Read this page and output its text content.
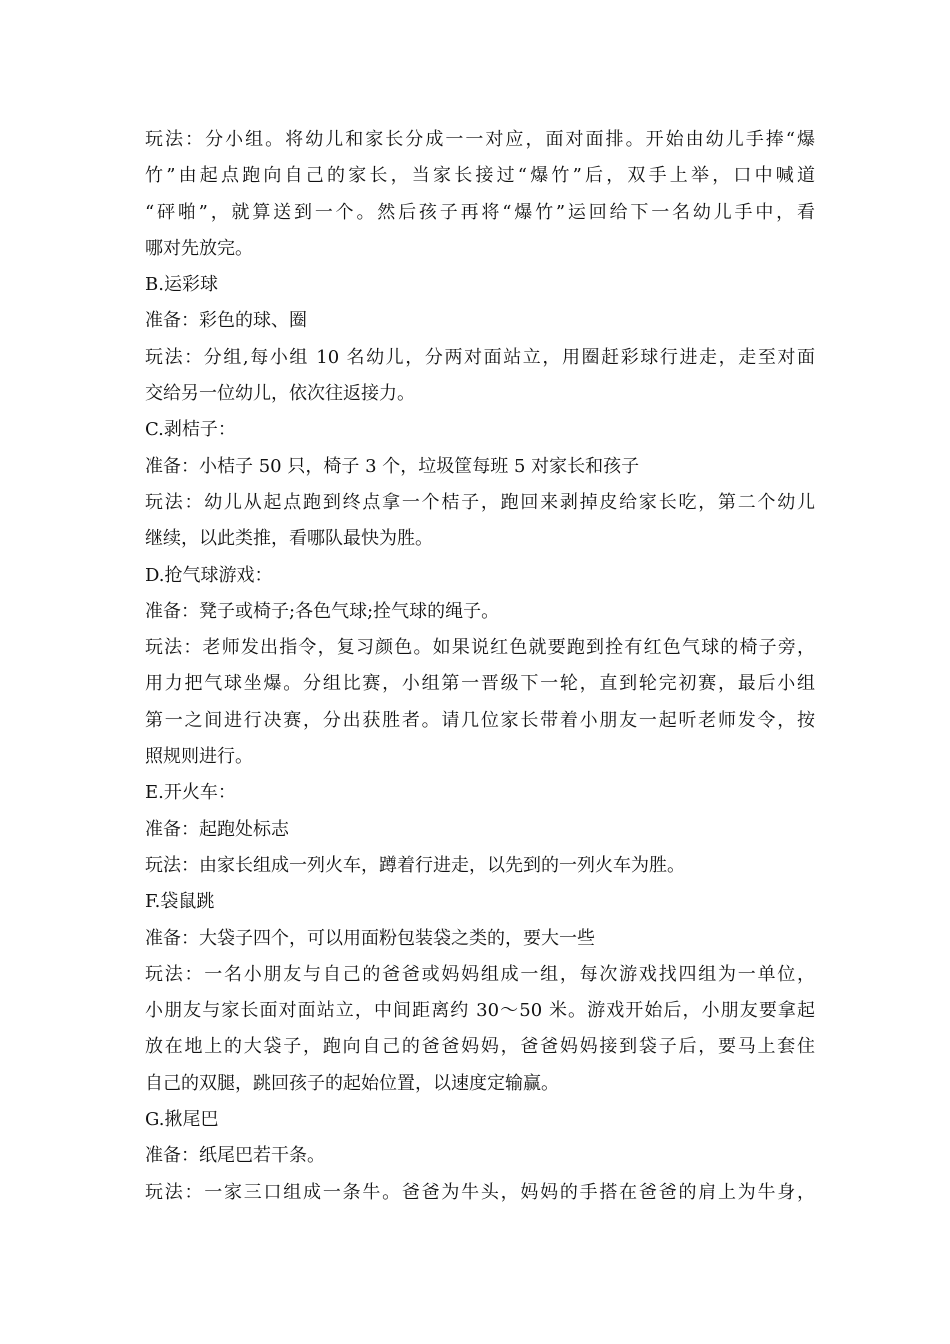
玩法：分小组。将幼儿和家长分成一一对应，面对面排。开始由幼儿手捧“爆
竹”由起点跑向自己的家长，当家长接过“爆竹”后，双手上举，口中喊道
“砰啪”，就算送到一个。然后孩子再将“爆竹”运回给下一名幼儿手中，看
哪对先放完。
B.运彩球
准备：彩色的球、圈
玩法：分组,每小组 10 名幼儿，分两对面站立，用圈赶彩球行进走，走至对面
交给另一位幼儿，依次往返接力。
C.剥桔子：
准备：小桔子 50 只，椅子 3 个，垃圾筐每班 5 对家长和孩子
玩法：幼儿从起点跑到终点拿一个桔子，跑回来剥掉皮给家长吃，第二个幼儿
继续，以此类推，看哪队最快为胜。
D.抢气球游戏：
准备：凳子或椅子;各色气球;拴气球的绳子。
玩法：老师发出指令，复习颜色。如果说红色就要跑到拴有红色气球的椅子旁，
用力把气球坐爆。分组比赛，小组第一晋级下一轮，直到轮完初赛，最后小组
第一之间进行决赛，分出获胜者。请几位家长带着小朋友一起听老师发令，按
照规则进行。
E.开火车：
准备：起跑处标志
玩法：由家长组成一列火车，蹲着行进走，以先到的一列火车为胜。
F.袋鼠跳
准备：大袋子四个，可以用面粉包装袋之类的，要大一些
玩法：一名小朋友与自己的爸爸或妈妈组成一组，每次游戏找四组为一单位，
小朋友与家长面对面站立，中间距离约 30～50 米。游戏开始后，小朋友要拿起
放在地上的大袋子，跑向自己的爸爸妈妈，爸爸妈妈接到袋子后，要马上套住
自己的双腿，跳回孩子的起始位置，以速度定输赢。
G.揪尾巴
准备：纸尾巴若干条。
玩法：一家三口组成一条牛。爸爸为牛头，妈妈的手搭在爸爸的肩上为牛身，
